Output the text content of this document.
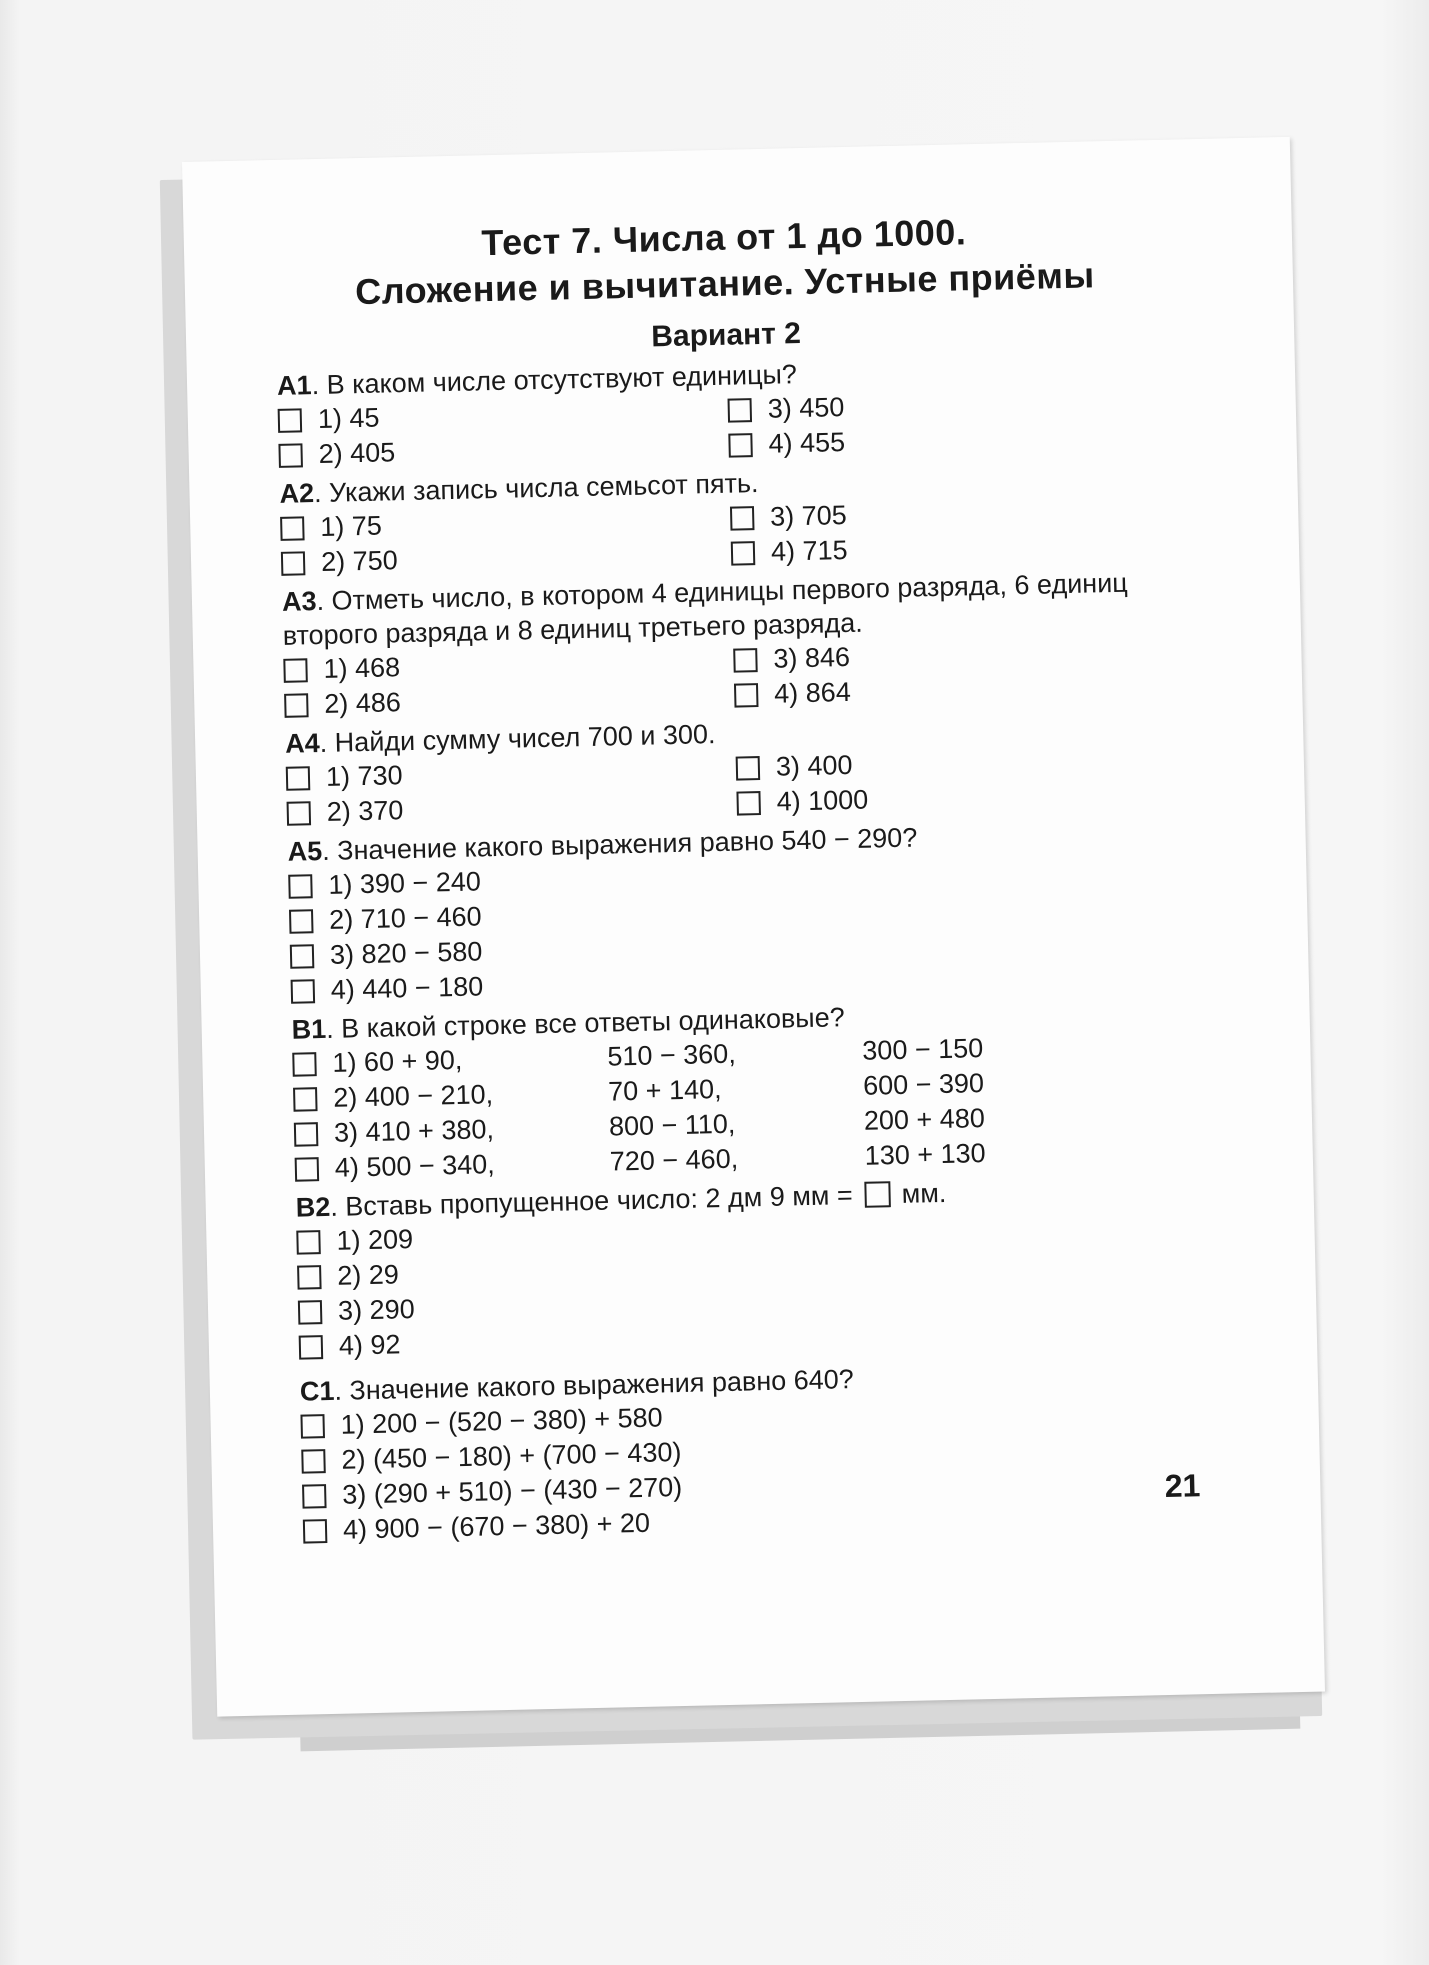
Тест 7. Числа от 1 до 1000.
Сложение и вычитание. Устные приёмы
Вариант 2
А1. В каком числе отсутствуют единицы?
1) 45	3) 450
2) 405	4) 455
А2. Укажи запись числа семьсот пять.
1) 75	3) 705
2) 750	4) 715
А3. Отметь число, в котором 4 единицы первого разряда, 6 единиц второго разряда и 8 единиц третьего разряда.
1) 468	3) 846
2) 486	4) 864
А4. Найди сумму чисел 700 и 300.
1) 730	3) 400
2) 370	4) 1000
А5. Значение какого выражения равно 540 − 290?
1) 390 − 240
2) 710 − 460
3) 820 − 580
4) 440 − 180
В1. В какой строке все ответы одинаковые?
1) 60 + 90,	510 − 360,	300 − 150
2) 400 − 210,	70 + 140,	600 − 390
3) 410 + 380,	800 − 110,	200 + 480
4) 500 − 340,	720 − 460,	130 + 130
В2. Вставь пропущенное число: 2 дм 9 мм = мм.
1) 209
2) 29
3) 290
4) 92
С1. Значение какого выражения равно 640?
1) 200 − (520 − 380) + 580
2) (450 − 180) + (700 − 430)
3) (290 + 510) − (430 − 270)
4) 900 − (670 − 380) + 20
21
